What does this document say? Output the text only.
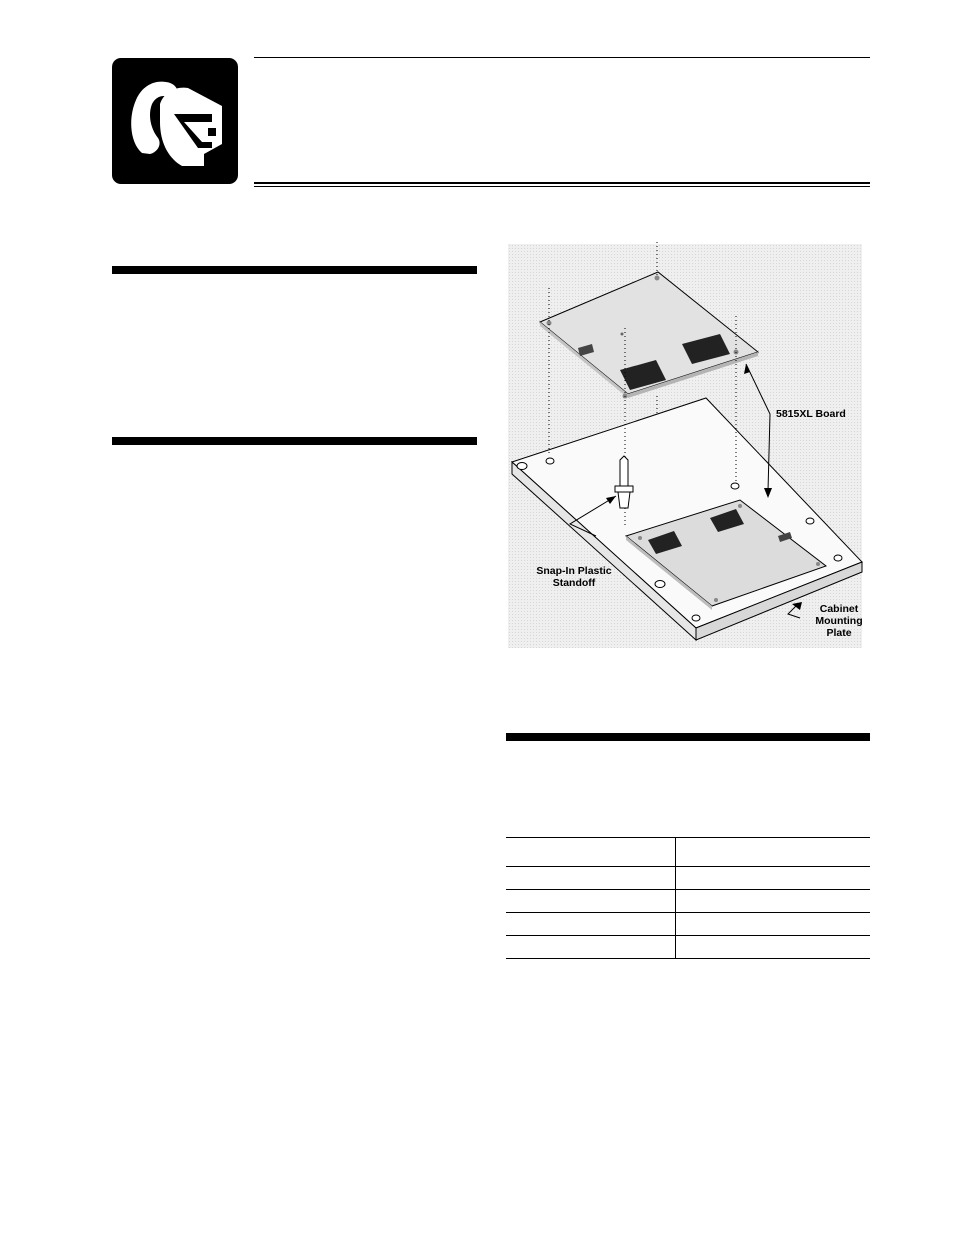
5815XL Board
Snap-In Plastic
Standoff
Cabinet
Mounting
Plate
